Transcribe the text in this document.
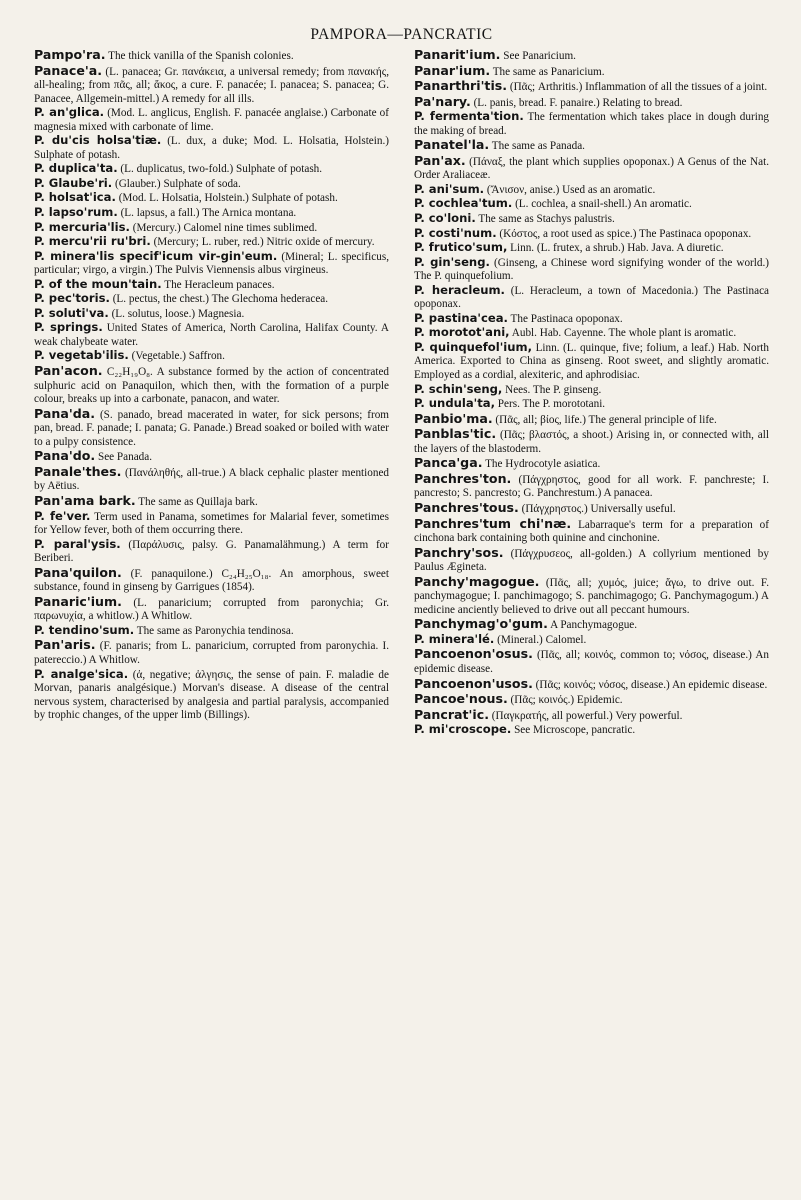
PAMPORA—PANCRATIC

Pampo'ra. The thick vanilla of the Spanish colonies.

Panace'a. (L. panacea; Gr. πανάκεια, a universal remedy; from πανακής, all-healing; from πᾶς, all; ἄκος, a cure. F. panacée; I. panacea; S. panacea; G. Panacee, Allgemein-mittel.) A remedy for all ills.

P. an'glica. (Mod. L. anglicus, English. F. panacée anglaise.) Carbonate of magnesia mixed with carbonate of lime.

P. du'cis holsa'tiæ. (L. dux, a duke; Mod. L. Holsatia, Holstein.) Sulphate of potash.

P. duplica'ta. (L. duplicatus, two-fold.) Sulphate of potash.

P. Glaube'ri. (Glauber.) Sulphate of soda.

P. holsat'ica. (Mod. L. Holsatia, Holstein.) Sulphate of potash.

P. lapso'rum. (L. lapsus, a fall.) The Arnica montana.

P. mercuria'lis. (Mercury.) Calomel nine times sublimed.

P. mercu'rii ru'bri. (Mercury; L. ruber, red.) Nitric oxide of mercury.

P. minera'lis specif'icum vir-gin'eum. (Mineral; L. specificus, particular; virgo, a virgin.) The Pulvis Viennensis albus virgineus.

P. of the moun'tain. The Heracleum panaces.

P. pec'toris. (L. pectus, the chest.) The Glechoma hederacea.

P. soluti'va. (L. solutus, loose.) Magnesia.

P. springs. United States of America, North Carolina, Halifax County. A weak chalybeate water.

P. vegetab'ilis. (Vegetable.) Saffron.

Pan'acon. C₂₂H₁₉O₈. A substance formed by the action of concentrated sulphuric acid on Panaquilon, which then, with the formation of a purple colour, breaks up into a carbonate, panacon, and water.

Pana'da. (S. panado, bread macerated in water, for sick persons; from pan, bread. F. panade; I. panata; G. Panade.) Bread soaked or boiled with water to a pulpy consistence.

Pana'do. See Panada.

Panale'thes. (Πανάληθής, all-true.) A black cephalic plaster mentioned by Aëtius.

Pan'ama bark. The same as Quillaja bark.

P. fe'ver. Term used in Panama, sometimes for Malarial fever, sometimes for Yellow fever, both of them occurring there.

P. paral'ysis. (Παράλυσις, palsy. G. Panamalähmung.) A term for Beriberi.

Pana'quilon. (F. panaquilone.) C₂₄H₂₅O₁₈. An amorphous, sweet substance, found in ginseng by Garrigues (1854).

Panaric'ium. (L. panaricium; corrupted from paronychia; Gr. παρωνυχία, a whitlow.) A Whitlow.

P. tendino'sum. The same as Paronychia tendinosa.

Pan'aris. (F. panaris; from L. panaricium, corrupted from paronychia. I. patereccio.) A Whitlow.

P. analge'sica. (ἀ, negative; ἀλγησις, the sense of pain. F. maladie de Morvan, panaris analgésique.) Morvan's disease. A disease of the central nervous system, characterised by analgesia and partial paralysis, accompanied by trophic changes, of the upper limb (Billings).

Panarit'ium. See Panaricium.

Panar'ium. The same as Panaricium.

Panarthri'tis. (Πᾶς; Arthritis.) Inflammation of all the tissues of a joint.

Pa'nary. (L. panis, bread. F. panaire.) Relating to bread.

P. fermenta'tion. The fermentation which takes place in dough during the making of bread.

Panatel'la. The same as Panada.

Pan'ax. (Πάναξ, the plant which supplies opoponax.) A Genus of the Nat. Order Araliaceæ.

P. ani'sum. (Ἄνισον, anise.) Used as an aromatic.

P. cochlea'tum. (L. cochlea, a snail-shell.) An aromatic.

P. co'loni. The same as Stachys palustris.

P. costi'num. (Κόστος, a root used as spice.) The Pastinaca opoponax.

P. frutico'sum, Linn. (L. frutex, a shrub.) Hab. Java. A diuretic.

P. gin'seng. (Ginseng, a Chinese word signifying wonder of the world.) The P. quinquefolium.

P. heracleum. (L. Heracleum, a town of Macedonia.) The Pastinaca opoponax.

P. pastina'cea. The Pastinaca opoponax.

P. morotot'ani, Aubl. Hab. Cayenne. The whole plant is aromatic.

P. quinquefol'ium, Linn. (L. quinque, five; folium, a leaf.) Hab. North America. Exported to China as ginseng. Root sweet, and slightly aromatic. Employed as a cordial, alexiteric, and aphrodisiac.

P. schin'seng, Nees. The P. ginseng.

P. undula'ta, Pers. The P. morototani.

Panbio'ma. (Πᾶς, all; βίος, life.) The general principle of life.

Panblas'tic. (Πᾶς; βλαστός, a shoot.) Arising in, or connected with, all the layers of the blastoderm.

Panca'ga. The Hydrocotyle asiatica.

Panchres'ton. (Πάγχρηστος, good for all work. F. panchreste; I. pancresto; S. pancresto; G. Panchrestum.) A panacea.

Panchres'tous. (Πάγχρηστος.) Universally useful.

Panchres'tum chi'næ. Labarraque's term for a preparation of cinchona bark containing both quinine and cinchonine.

Panchry'sos. (Πάγχρυσεος, all-golden.) A collyrium mentioned by Paulus Ægineta.

Panchy'magogue. (Πᾶς, all; χυμός, juice; ἄγω, to drive out. F. panchymagogue; I. panchimagogo; S. panchimagogo; G. Panchymagogum.) A medicine anciently believed to drive out all peccant humours.

Panchymag'o'gum. A Panchymagogue.

P. minera'lé. (Mineral.) Calomel.

Pancoenon'osus. (Πᾶς, all; κοινός, common to; νόσος, disease.) An epidemic disease.

Pancoenon'usos. (Πᾶς; κοινός; νόσος, disease.) An epidemic disease.

Pancoe'nous. (Πᾶς; κοινός.) Epidemic.

Pancrat'ic. (Παγκρατής, all powerful.) Very powerful.

P. mi'croscope. See Microscope, pancratic.
